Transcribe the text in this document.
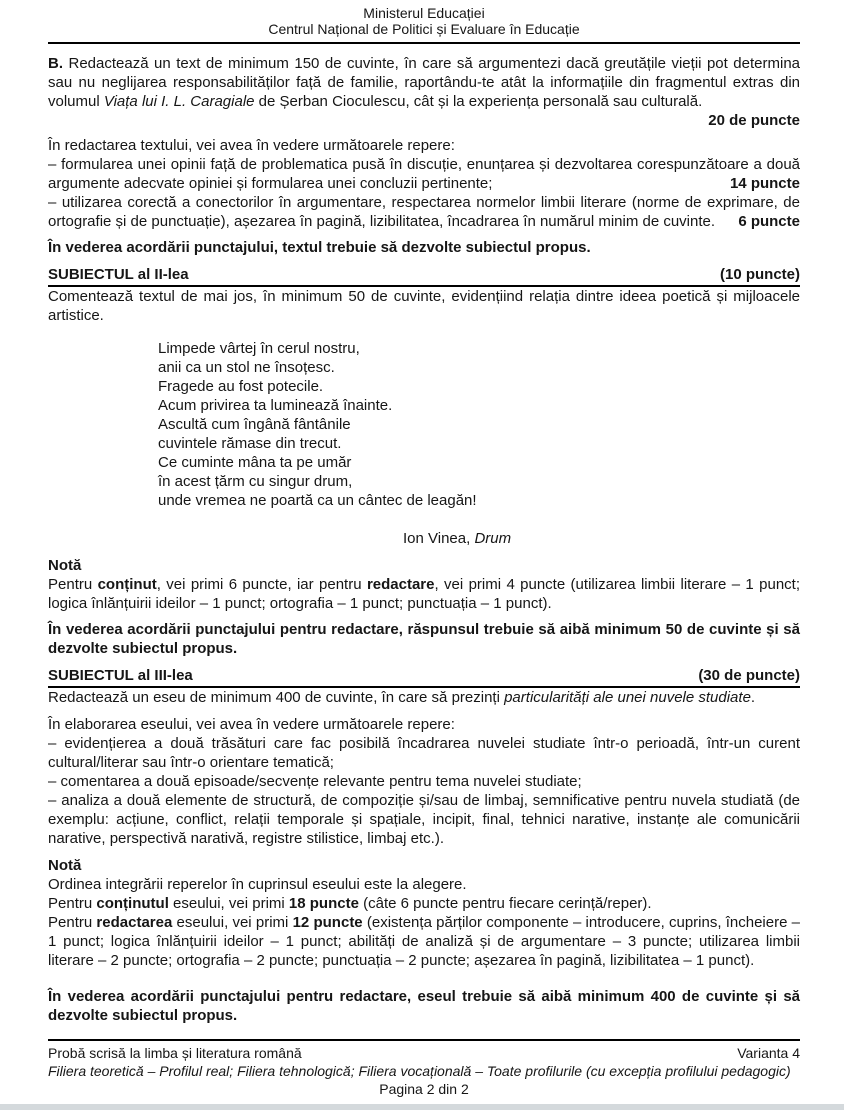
Ministerul Educației
Centrul Național de Politici și Evaluare în Educație

B. Redactează un text de minimum 150 de cuvinte, în care să argumentezi dacă greutățile vieții pot determina sau nu neglijarea responsabilităților față de familie, raportându-te atât la informațiile din fragmentul extras din volumul Viața lui I. L. Caragiale de Șerban Cioculescu, cât și la experiența personală sau culturală.

20 de puncte

În redactarea textului, vei avea în vedere următoarele repere:

– formularea unei opinii față de problematica pusă în discuție, enunțarea și dezvoltarea corespunzătoare a două argumente adecvate opiniei și formularea unei concluzii pertinente;	14 puncte
– utilizarea corectă a conectorilor în argumentare, respectarea normelor limbii literare (norme de exprimare, de ortografie și de punctuație), așezarea în pagină, lizibilitatea, încadrarea în numărul minim de cuvinte. 6 puncte

În vederea acordării punctajului, textul trebuie să dezvolte subiectul propus.

SUBIECTUL al II-lea	(10 puncte)

Comentează textul de mai jos, în minimum 50 de cuvinte, evidențiind relația dintre ideea poetică și mijloacele artistice.

Limpede vârtej în cerul nostru,
anii ca un stol ne însoțesc.
Fragede au fost potecile.
Acum privirea ta luminează înainte.
Ascultă cum îngână fântânile
cuvintele rămase din trecut.
Ce cuminte mâna ta pe umăr
în acest țărm cu singur drum,
unde vremea ne poartă ca un cântec de leagăn!
Ion Vinea, Drum

Notă

Pentru conținut, vei primi 6 puncte, iar pentru redactare, vei primi 4 puncte (utilizarea limbii literare – 1 punct; logica înlănțuirii ideilor – 1 punct; ortografia – 1 punct; punctuația – 1 punct).

În vederea acordării punctajului pentru redactare, răspunsul trebuie să aibă minimum 50 de cuvinte și să dezvolte subiectul propus.

SUBIECTUL al III-lea	(30 de puncte)

Redactează un eseu de minimum 400 de cuvinte, în care să prezinți particularități ale unei nuvele studiate.

În elaborarea eseului, vei avea în vedere următoarele repere:

– evidențierea a două trăsături care fac posibilă încadrarea nuvelei studiate într-o perioadă, într-un curent cultural/literar sau într-o orientare tematică;
– comentarea a două episoade/secvențe relevante pentru tema nuvelei studiate;
– analiza a două elemente de structură, de compoziție și/sau de limbaj, semnificative pentru nuvela studiată (de exemplu: acțiune, conflict, relații temporale și spațiale, incipit, final, tehnici narative, instanțe ale comunicării narative, perspectivă narativă, registre stilistice, limbaj etc.).

Notă

Ordinea integrării reperelor în cuprinsul eseului este la alegere.

Pentru conținutul eseului, vei primi 18 puncte (câte 6 puncte pentru fiecare cerință/reper).

Pentru redactarea eseului, vei primi 12 puncte (existența părților componente – introducere, cuprins, încheiere – 1 punct; logica înlănțuirii ideilor – 1 punct; abilități de analiză și de argumentare – 3 puncte; utilizarea limbii literare – 2 puncte; ortografia – 2 puncte; punctuația – 2 puncte; așezarea în pagină, lizibilitatea – 1 punct).

În vederea acordării punctajului pentru redactare, eseul trebuie să aibă minimum 400 de cuvinte și să dezvolte subiectul propus.

Probă scrisă la limba și literatura română	Varianta 4
Filiera teoretică – Profilul real; Filiera tehnologică; Filiera vocațională – Toate profilurile (cu excepția profilului pedagogic)
Pagina 2 din 2
